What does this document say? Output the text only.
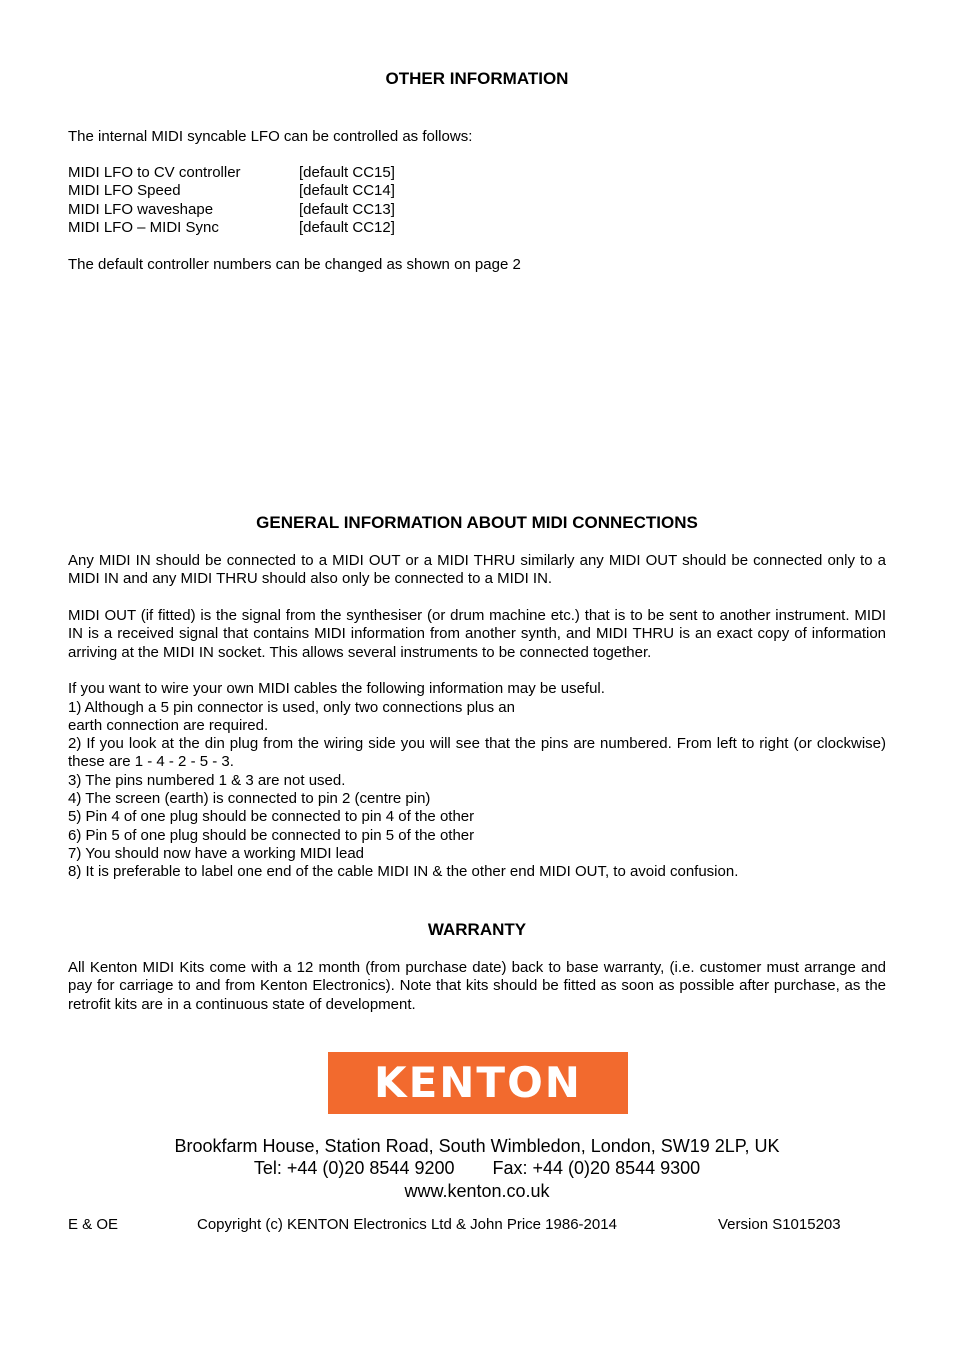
OTHER INFORMATION
The internal MIDI syncable LFO can be controlled as follows:
MIDI LFO to CV controller	[default CC15]
MIDI LFO Speed	[default CC14]
MIDI LFO waveshape	[default CC13]
MIDI LFO – MIDI Sync	[default CC12]
The default controller numbers can be changed as shown on page 2
GENERAL INFORMATION ABOUT MIDI CONNECTIONS
Any MIDI IN should be connected to a MIDI OUT or a MIDI THRU similarly any MIDI OUT should be connected only to a MIDI IN and any MIDI THRU should also only be connected to a MIDI IN.
MIDI OUT (if fitted) is the signal from the synthesiser (or drum machine etc.) that is to be sent to another instrument. MIDI IN is a received signal that contains MIDI information from another synth, and MIDI THRU is an exact copy of information arriving at the MIDI IN socket. This allows several instruments to be connected together.
If you want to wire your own MIDI cables the following information may be useful.
1) Although a 5 pin connector is used, only two connections plus an
earth connection are required.
2) If you look at the din plug from the wiring side you will see that the pins are numbered. From left to right (or clockwise) these are 1 - 4 - 2 - 5 - 3.
3) The pins numbered 1 & 3 are not used.
4) The screen (earth) is connected to pin 2 (centre pin)
5) Pin 4 of one plug should be connected to pin 4 of the other
6) Pin 5 of one plug should be connected to pin 5 of the other
7) You should now have a working MIDI lead
8) It is preferable to label one end of the cable MIDI IN & the other end MIDI OUT, to avoid confusion.
WARRANTY
All Kenton MIDI Kits come with a 12 month (from purchase date) back to base warranty, (i.e. customer must arrange and pay for carriage to and from Kenton Electronics). Note that kits should be fitted as soon as possible after purchase, as the retrofit kits are in a continuous state of development.
KENTON
Brookfarm House, Station Road, South Wimbledon, London, SW19 2LP, UK
Tel: +44 (0)20 8544 9200 Fax: +44 (0)20 8544 9300
www.kenton.co.uk
E & OE	Copyright (c) KENTON Electronics Ltd & John Price 1986-2014	Version S1015203
